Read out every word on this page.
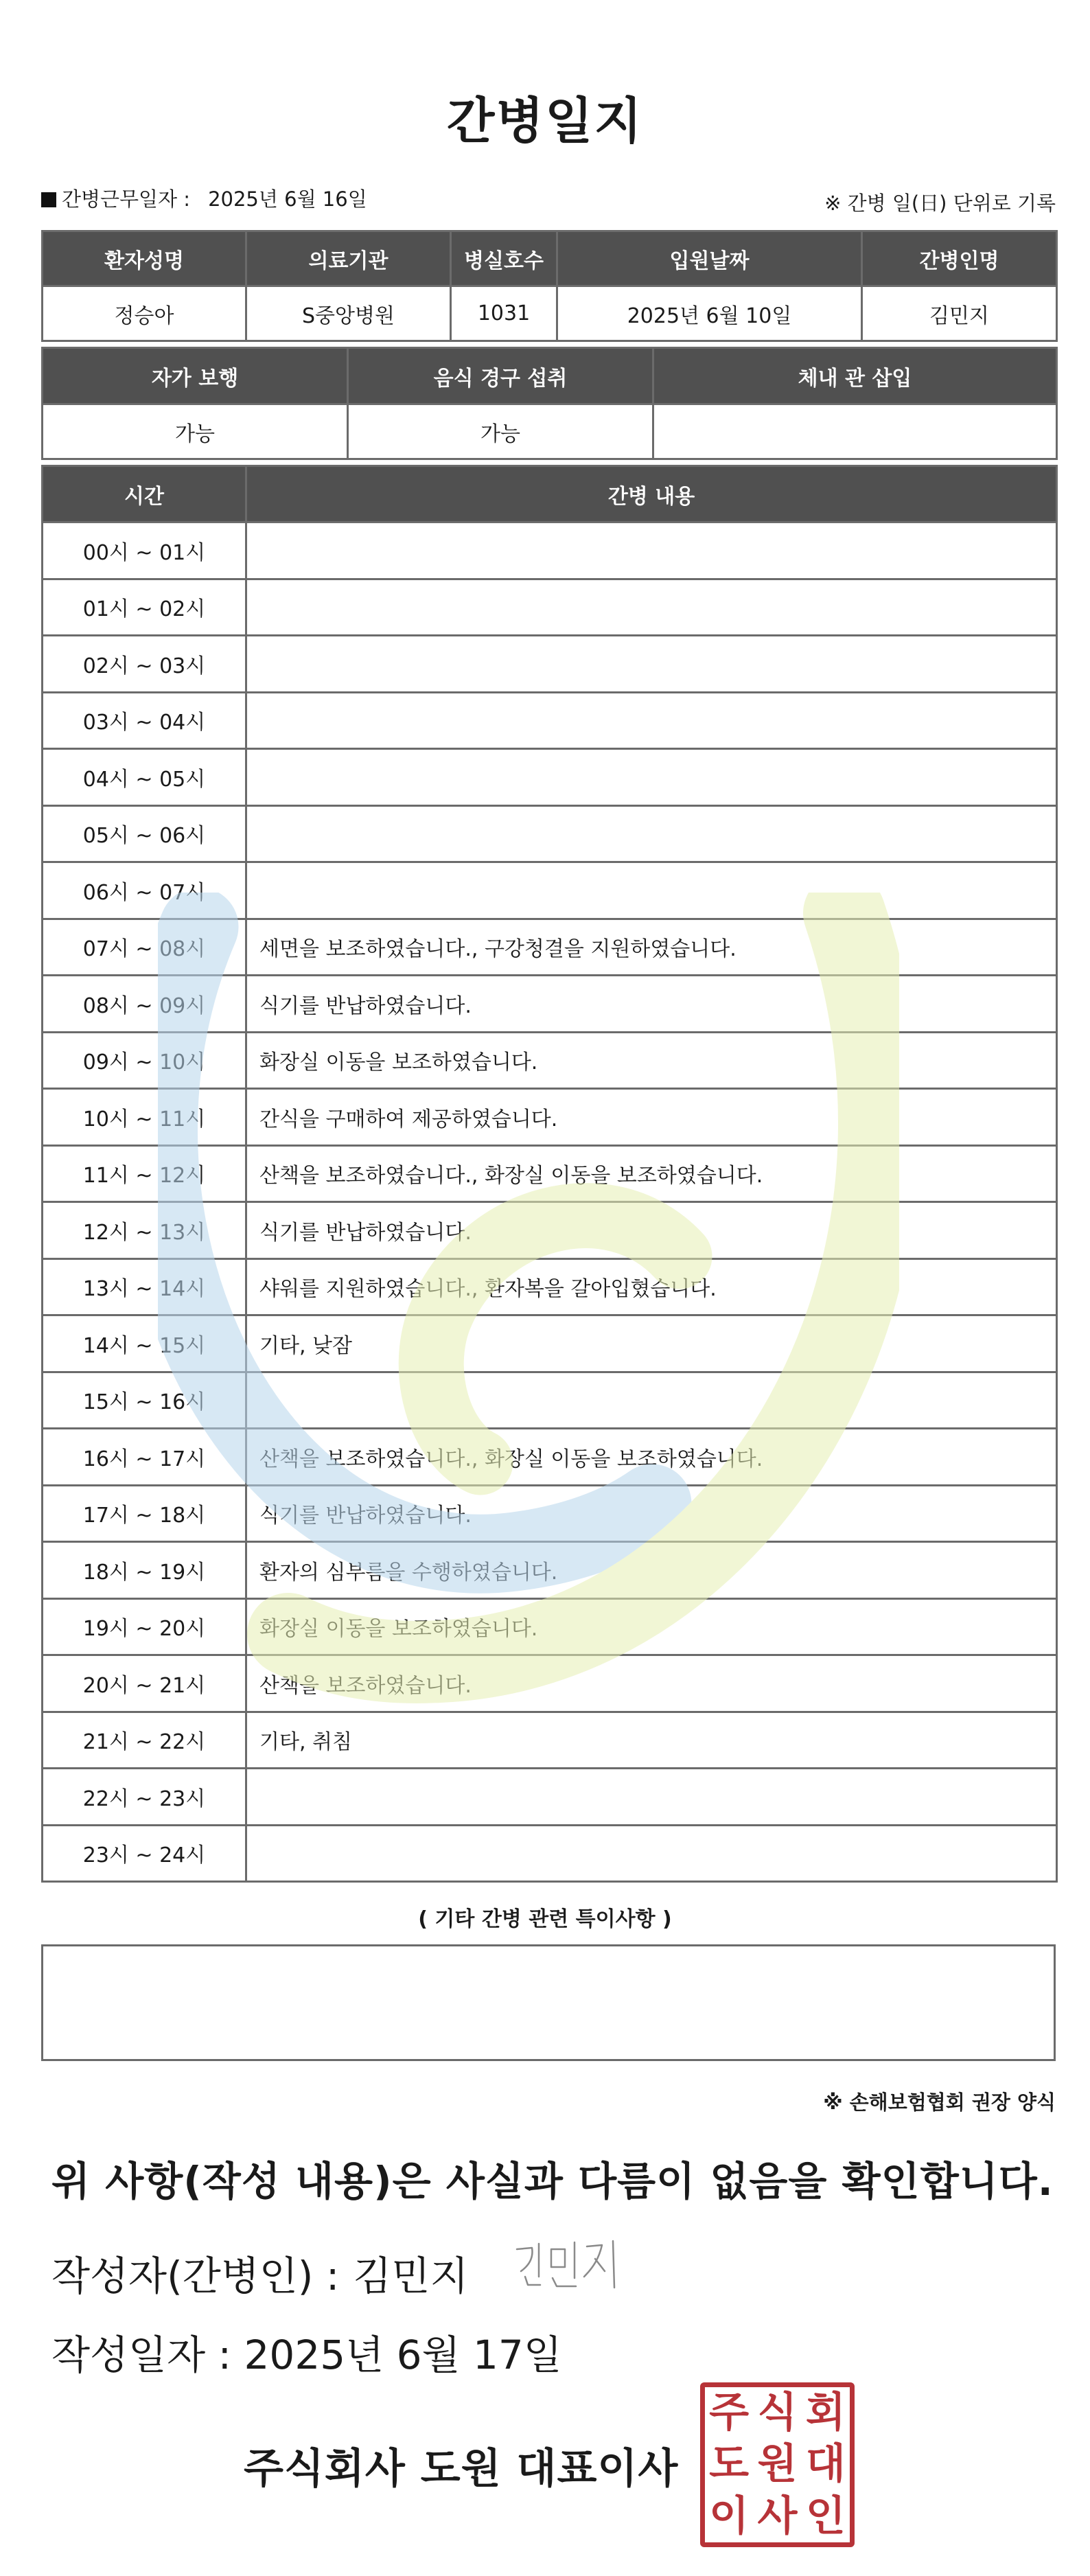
간병일지
간병근무일자 : 2025년 6월 16일	※ 간병 일(日) 단위로 기록
환자성명	의료기관	병실호수	입원날짜	간병인명
정승아	S중앙병원	1031	2025년 6월 10일	김민지
자가 보행	음식 경구 섭취	체내 관 삽입
가능	가능	
시간	간병 내용
00시 ~ 01시	
01시 ~ 02시	
02시 ~ 03시	
03시 ~ 04시	
04시 ~ 05시	
05시 ~ 06시	
06시 ~ 07시	
07시 ~ 08시	세면을 보조하였습니다., 구강청결을 지원하였습니다.
08시 ~ 09시	식기를 반납하였습니다.
09시 ~ 10시	화장실 이동을 보조하였습니다.
10시 ~ 11시	간식을 구매하여 제공하였습니다.
11시 ~ 12시	산책을 보조하였습니다., 화장실 이동을 보조하였습니다.
12시 ~ 13시	식기를 반납하였습니다.
13시 ~ 14시	샤워를 지원하였습니다., 환자복을 갈아입혔습니다.
14시 ~ 15시	기타, 낮잠
15시 ~ 16시	
16시 ~ 17시	산책을 보조하였습니다., 화장실 이동을 보조하였습니다.
17시 ~ 18시	식기를 반납하였습니다.
18시 ~ 19시	환자의 심부름을 수행하였습니다.
19시 ~ 20시	화장실 이동을 보조하였습니다.
20시 ~ 21시	산책을 보조하였습니다.
21시 ~ 22시	기타, 취침
22시 ~ 23시	
23시 ~ 24시	
( 기타 간병 관련 특이사항 )
※ 손해보험협회 권장 양식
위 사항(작성 내용)은 사실과 다름이 없음을 확인합니다.
작성자(간병인) : 김민지
작성일자 : 2025년 6월 17일
주식회사 도원 대표이사
주 식 회
도 원 대
이 사 인
